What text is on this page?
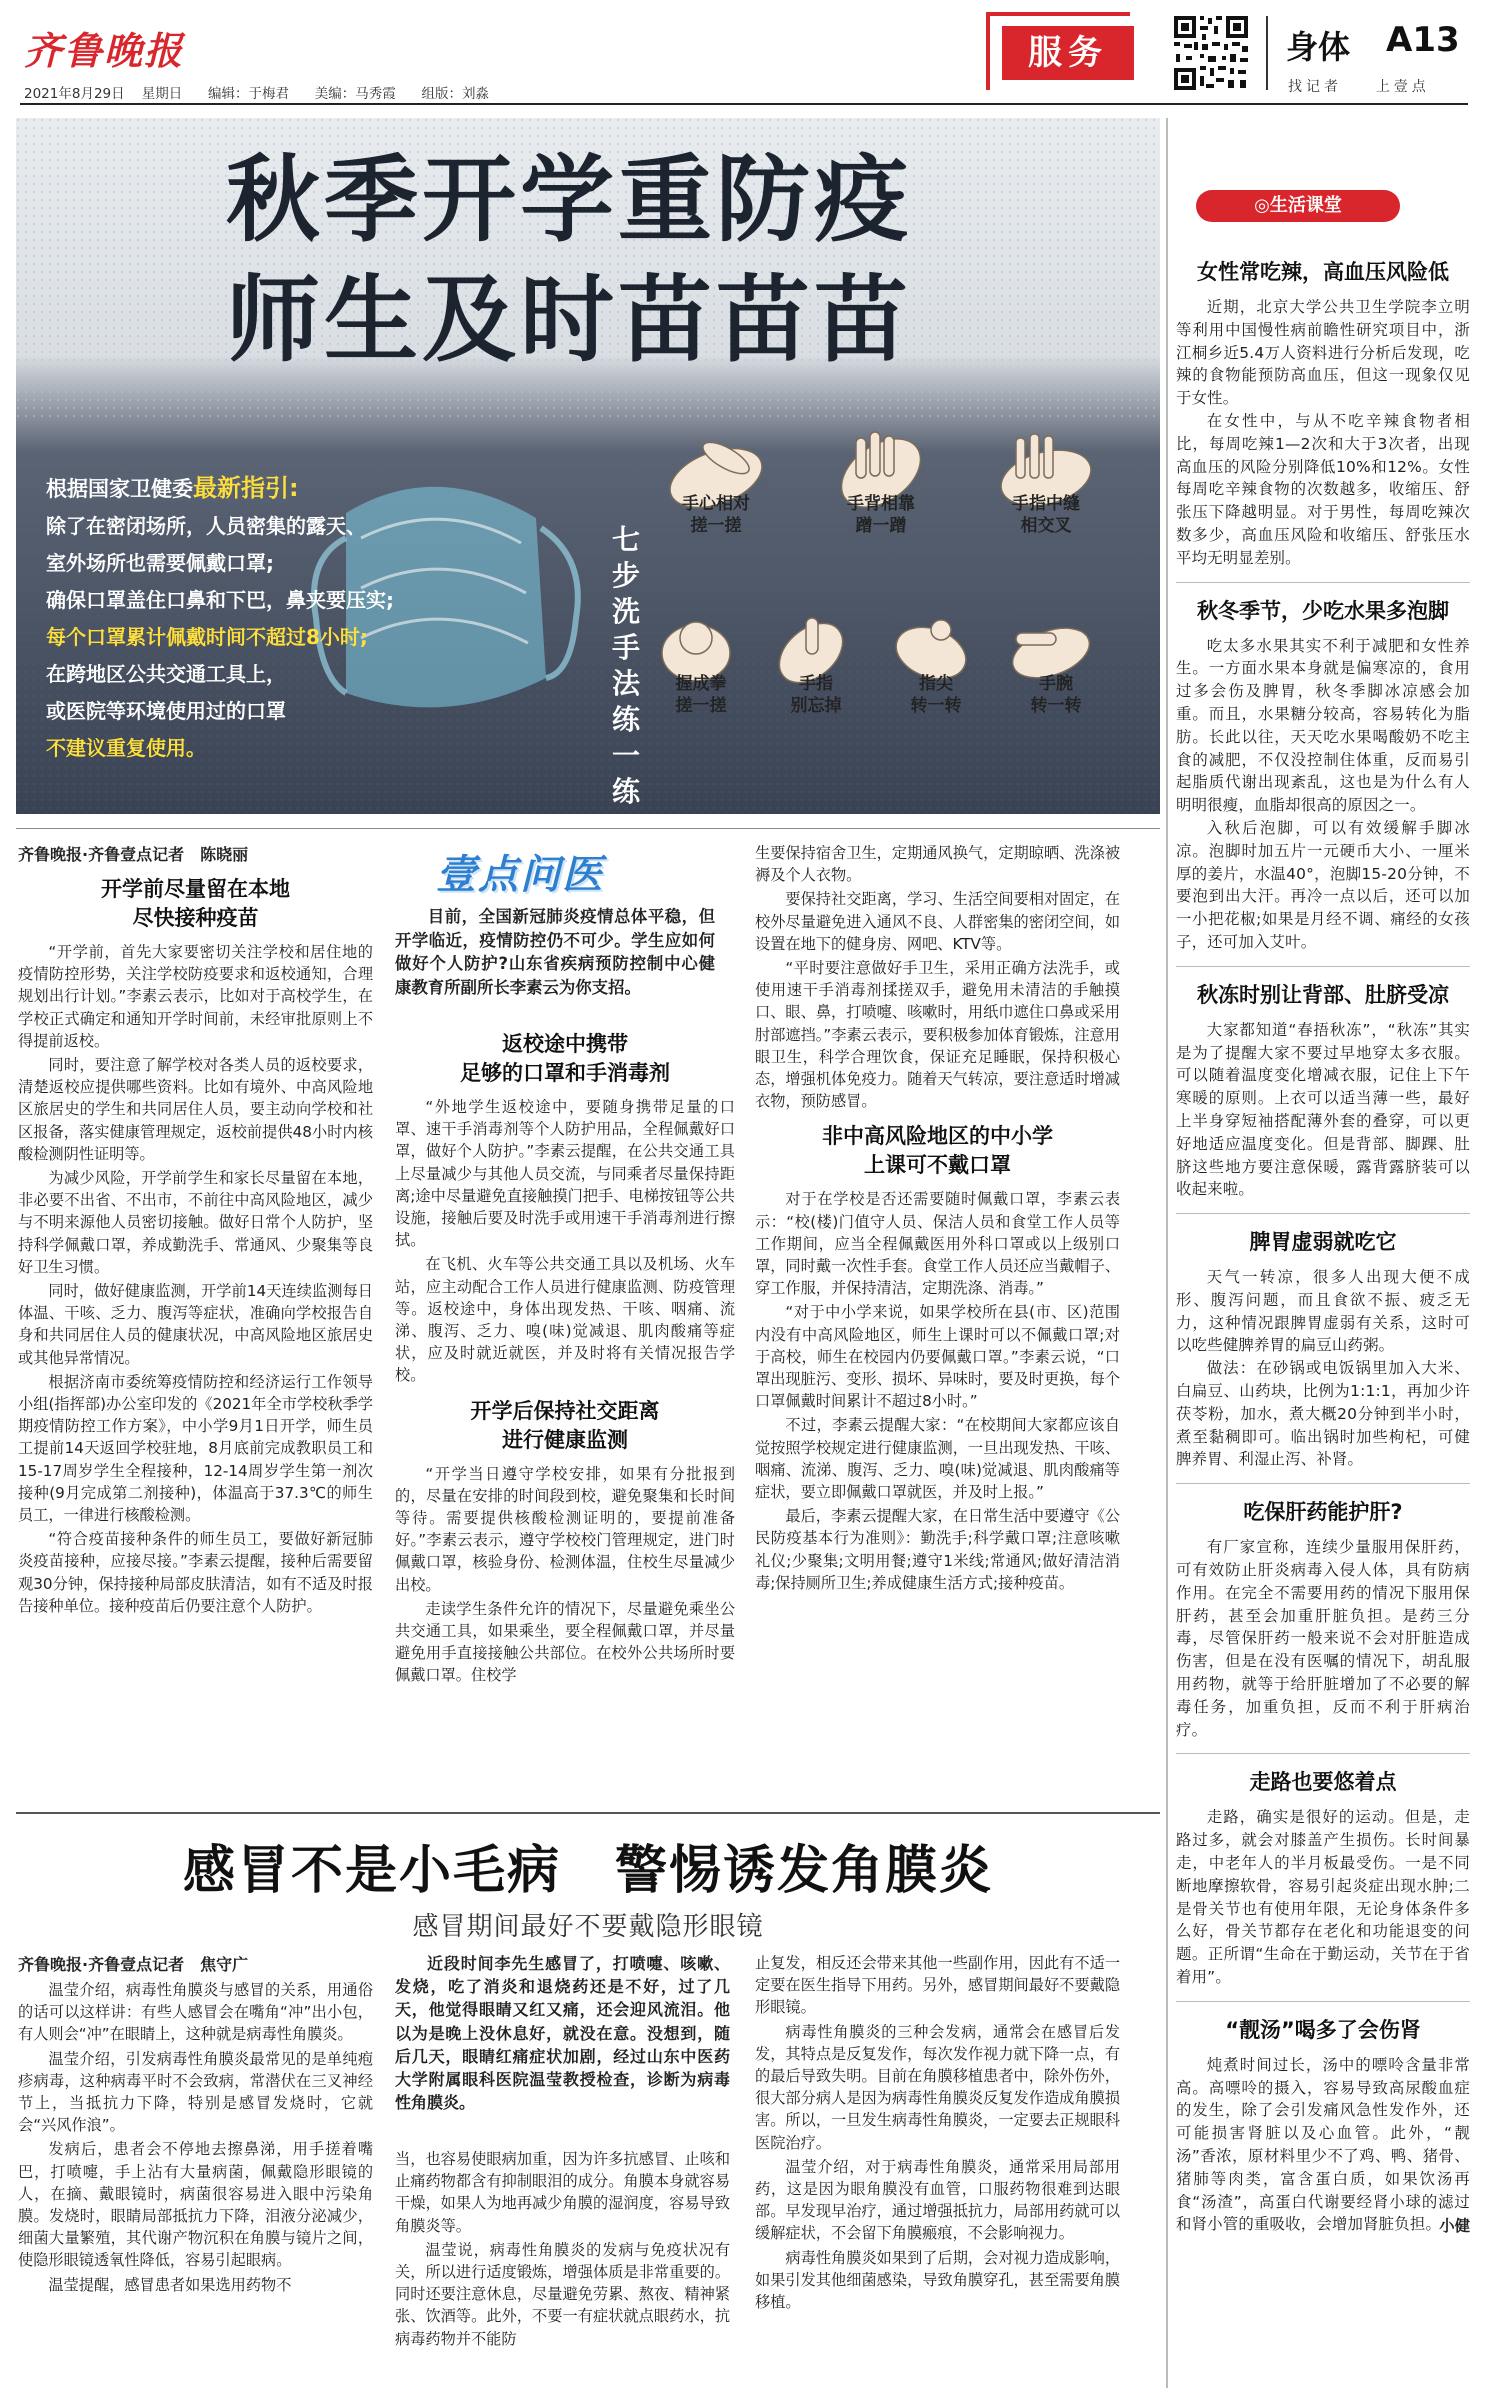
齐鲁晚报
2021年8月29日 星期日 编辑：于梅君 美编：马秀霞 组版：刘淼
服务	身体 A13
找记者 上壹点
秋季开学重防疫
师生及时苗苗苗
根据国家卫健委最新指引:
除了在密闭场所，人员密集的露天、
室外场所也需要佩戴口罩;
确保口罩盖住口鼻和下巴，鼻夹要压实;
每个口罩累计佩戴时间不超过8小时;
在跨地区公共交通工具上，
或医院等环境使用过的口罩
不建议重复使用。
七步洗手法练一练
手心相对
搓一搓
手背相靠
蹭一蹭
手指中缝
相交叉
握成拳
搓一搓
手指
别忘掉
指尖
转一转
手腕
转一转
齐鲁晚报·齐鲁壹点记者　陈晓丽
开学前尽量留在本地
尽快接种疫苗

“开学前，首先大家要密切关注学校和居住地的疫情防控形势，关注学校防疫要求和返校通知，合理规划出行计划。”李素云表示，比如对于高校学生，在学校正式确定和通知开学时间前，未经审批原则上不得提前返校。

同时，要注意了解学校对各类人员的返校要求，清楚返校应提供哪些资料。比如有境外、中高风险地区旅居史的学生和共同居住人员，要主动向学校和社区报备，落实健康管理规定，返校前提供48小时内核酸检测阴性证明等。

为减少风险，开学前学生和家长尽量留在本地，非必要不出省、不出市，不前往中高风险地区，减少与不明来源他人员密切接触。做好日常个人防护，坚持科学佩戴口罩，养成勤洗手、常通风、少聚集等良好卫生习惯。

同时，做好健康监测，开学前14天连续监测每日体温、干咳、乏力、腹泻等症状，准确向学校报告自身和共同居住人员的健康状况，中高风险地区旅居史或其他异常情况。

根据济南市委统筹疫情防控和经济运行工作领导小组(指挥部)办公室印发的《2021年全市学校秋季学期疫情防控工作方案》，中小学9月1日开学，师生员工提前14天返回学校驻地，8月底前完成教职员工和15-17周岁学生全程接种，12-14周岁学生第一剂次接种(9月完成第二剂接种)，体温高于37.3℃的师生员工，一律进行核酸检测。

“符合疫苗接种条件的师生员工，要做好新冠肺炎疫苗接种，应接尽接。”李素云提醒，接种后需要留观30分钟，保持接种局部皮肤清洁，如有不适及时报告接种单位。接种疫苗后仍要注意个人防护。

壹点问医
目前，全国新冠肺炎疫情总体平稳，但开学临近，疫情防控仍不可少。学生应如何做好个人防护?山东省疾病预防控制中心健康教育所副所长李素云为你支招。
返校途中携带
足够的口罩和手消毒剂

“外地学生返校途中，要随身携带足量的口罩、速干手消毒剂等个人防护用品，全程佩戴好口罩，做好个人防护。”李素云提醒，在公共交通工具上尽量减少与其他人员交流，与同乘者尽量保持距离;途中尽量避免直接触摸门把手、电梯按钮等公共设施，接触后要及时洗手或用速干手消毒剂进行擦拭。

在飞机、火车等公共交通工具以及机场、火车站，应主动配合工作人员进行健康监测、防疫管理等。返校途中，身体出现发热、干咳、咽痛、流涕、腹泻、乏力、嗅(味)觉减退、肌肉酸痛等症状，应及时就近就医，并及时将有关情况报告学校。

开学后保持社交距离
进行健康监测

“开学当日遵守学校安排，如果有分批报到的，尽量在安排的时间段到校，避免聚集和长时间等待。需要提供核酸检测证明的，要提前准备好。”李素云表示，遵守学校校门管理规定，进门时佩戴口罩，核验身份、检测体温，住校生尽量减少出校。

走读学生条件允许的情况下，尽量避免乘坐公共交通工具，如果乘坐，要全程佩戴口罩，并尽量避免用手直接接触公共部位。在校外公共场所时要佩戴口罩。住校学

生要保持宿舍卫生，定期通风换气，定期晾晒、洗涤被褥及个人衣物。

要保持社交距离，学习、生活空间要相对固定，在校外尽量避免进入通风不良、人群密集的密闭空间，如设置在地下的健身房、网吧、KTV等。

“平时要注意做好手卫生，采用正确方法洗手，或使用速干手消毒剂揉搓双手，避免用未清洁的手触摸口、眼、鼻，打喷嚏、咳嗽时，用纸巾遮住口鼻或采用肘部遮挡。”李素云表示，要积极参加体育锻炼，注意用眼卫生，科学合理饮食，保证充足睡眠，保持积极心态，增强机体免疫力。随着天气转凉，要注意适时增减衣物，预防感冒。

非中高风险地区的中小学
上课可不戴口罩

对于在学校是否还需要随时佩戴口罩，李素云表示：“校(楼)门值守人员、保洁人员和食堂工作人员等工作期间，应当全程佩戴医用外科口罩或以上级别口罩，同时戴一次性手套。食堂工作人员还应当戴帽子、穿工作服，并保持清洁，定期洗涤、消毒。”

“对于中小学来说，如果学校所在县(市、区)范围内没有中高风险地区，师生上课时可以不佩戴口罩;对于高校，师生在校园内仍要佩戴口罩。”李素云说，“口罩出现脏污、变形、损坏、异味时，要及时更换，每个口罩佩戴时间累计不超过8小时。”

不过，李素云提醒大家：“在校期间大家都应该自觉按照学校规定进行健康监测，一旦出现发热、干咳、咽痛、流涕、腹泻、乏力、嗅(味)觉减退、肌肉酸痛等症状，要立即佩戴口罩就医，并及时上报。”

最后，李素云提醒大家，在日常生活中要遵守《公民防疫基本行为准则》：勤洗手;科学戴口罩;注意咳嗽礼仪;少聚集;文明用餐;遵守1米线;常通风;做好清洁消毒;保持厕所卫生;养成健康生活方式;接种疫苗。

感冒不是小毛病　警惕诱发角膜炎
感冒期间最好不要戴隐形眼镜
齐鲁晚报·齐鲁壹点记者　焦守广

温莹介绍，病毒性角膜炎与感冒的关系，用通俗的话可以这样讲：有些人感冒会在嘴角“冲”出小包，有人则会“冲”在眼睛上，这种就是病毒性角膜炎。

温莹介绍，引发病毒性角膜炎最常见的是单纯疱疹病毒，这种病毒平时不会致病，常潜伏在三叉神经节上，当抵抗力下降，特别是感冒发烧时，它就会“兴风作浪”。

发病后，患者会不停地去擦鼻涕，用手搓着嘴巴，打喷嚏，手上沾有大量病菌，佩戴隐形眼镜的人，在摘、戴眼镜时，病菌很容易进入眼中污染角膜。发烧时，眼睛局部抵抗力下降，泪液分泌减少，细菌大量繁殖，其代谢产物沉积在角膜与镜片之间，使隐形眼镜透氧性降低，容易引起眼病。

温莹提醒，感冒患者如果选用药物不

近段时间李先生感冒了，打喷嚏、咳嗽、发烧，吃了消炎和退烧药还是不好，过了几天，他觉得眼睛又红又痛，还会迎风流泪。他以为是晚上没休息好，就没在意。没想到，随后几天，眼睛红痛症状加剧，经过山东中医药大学附属眼科医院温莹教授检查，诊断为病毒性角膜炎。

当，也容易使眼病加重，因为许多抗感冒、止咳和止痛药物都含有抑制眼泪的成分。角膜本身就容易干燥，如果人为地再减少角膜的湿润度，容易导致角膜炎等。

温莹说，病毒性角膜炎的发病与免疫状况有关，所以进行适度锻炼，增强体质是非常重要的。同时还要注意休息，尽量避免劳累、熬夜、精神紧张、饮酒等。此外，不要一有症状就点眼药水，抗病毒药物并不能防

止复发，相反还会带来其他一些副作用，因此有不适一定要在医生指导下用药。另外，感冒期间最好不要戴隐形眼镜。

病毒性角膜炎的三种会发病，通常会在感冒后发发，其特点是反复发作，每次发作视力就下降一点，有的最后导致失明。目前在角膜移植患者中，除外伤外，很大部分病人是因为病毒性角膜炎反复发作造成角膜损害。所以，一旦发生病毒性角膜炎，一定要去正规眼科医院治疗。

温莹介绍，对于病毒性角膜炎，通常采用局部用药，这是因为眼角膜没有血管，口服药物很难到达眼部。早发现早治疗，通过增强抵抗力，局部用药就可以缓解症状，不会留下角膜瘢痕，不会影响视力。

病毒性角膜炎如果到了后期，会对视力造成影响，如果引发其他细菌感染，导致角膜穿孔，甚至需要角膜移植。

◎生活课堂
女性常吃辣，高血压风险低

近期，北京大学公共卫生学院李立明等利用中国慢性病前瞻性研究项目中，浙江桐乡近5.4万人资料进行分析后发现，吃辣的食物能预防高血压，但这一现象仅见于女性。

在女性中，与从不吃辛辣食物者相比，每周吃辣1—2次和大于3次者，出现高血压的风险分别降低10%和12%。女性每周吃辛辣食物的次数越多，收缩压、舒张压下降越明显。对于男性，每周吃辣次数多少，高血压风险和收缩压、舒张压水平均无明显差别。

秋冬季节，少吃水果多泡脚

吃太多水果其实不利于减肥和女性养生。一方面水果本身就是偏寒凉的，食用过多会伤及脾胃，秋冬季脚冰凉感会加重。而且，水果糖分较高，容易转化为脂肪。长此以往，天天吃水果喝酸奶不吃主食的减肥，不仅没控制住体重，反而易引起脂质代谢出现紊乱，这也是为什么有人明明很瘦，血脂却很高的原因之一。

入秋后泡脚，可以有效缓解手脚冰凉。泡脚时加五片一元硬币大小、一厘米厚的姜片，水温40°，泡脚15-20分钟，不要泡到出大汗。再冷一点以后，还可以加一小把花椒;如果是月经不调、痛经的女孩子，还可加入艾叶。

秋冻时别让背部、肚脐受凉

大家都知道“春捂秋冻”，“秋冻”其实是为了提醒大家不要过早地穿太多衣服。可以随着温度变化增减衣服，记住上下午寒暖的原则。上衣可以适当薄一些，最好上半身穿短袖搭配薄外套的叠穿，可以更好地适应温度变化。但是背部、脚踝、肚脐这些地方要注意保暖，露背露脐装可以收起来啦。

脾胃虚弱就吃它

天气一转凉，很多人出现大便不成形、腹泻问题，而且食欲不振、疲乏无力，这种情况跟脾胃虚弱有关系，这时可以吃些健脾养胃的扁豆山药粥。

做法：在砂锅或电饭锅里加入大米、白扁豆、山药块，比例为1:1:1，再加少许茯苓粉，加水，煮大概20分钟到半小时，煮至黏稠即可。临出锅时加些枸杞，可健脾养胃、利湿止泻、补肾。

吃保肝药能护肝?

有厂家宣称，连续少量服用保肝药，可有效防止肝炎病毒入侵人体，具有防病作用。在完全不需要用药的情况下服用保肝药，甚至会加重肝脏负担。是药三分毒，尽管保肝药一般来说不会对肝脏造成伤害，但是在没有医嘱的情况下，胡乱服用药物，就等于给肝脏增加了不必要的解毒任务，加重负担，反而不利于肝病治疗。

走路也要悠着点

走路，确实是很好的运动。但是，走路过多，就会对膝盖产生损伤。长时间暴走，中老年人的半月板最受伤。一是不同断地摩擦软骨，容易引起炎症出现水肿;二是骨关节也有使用年限，无论身体条件多么好，骨关节都存在老化和功能退变的问题。正所谓“生命在于勤运动，关节在于省着用”。

“靓汤”喝多了会伤肾

炖煮时间过长，汤中的嘌呤含量非常高。高嘌呤的摄入，容易导致高尿酸血症的发生，除了会引发痛风急性发作外，还可能损害肾脏以及心血管。此外，“靓汤”香浓，原材料里少不了鸡、鸭、猪骨、猪肺等肉类，富含蛋白质，如果饮汤再食“汤渣”，高蛋白代谢要经肾小球的滤过和肾小管的重吸收，会增加肾脏负担。

小健
